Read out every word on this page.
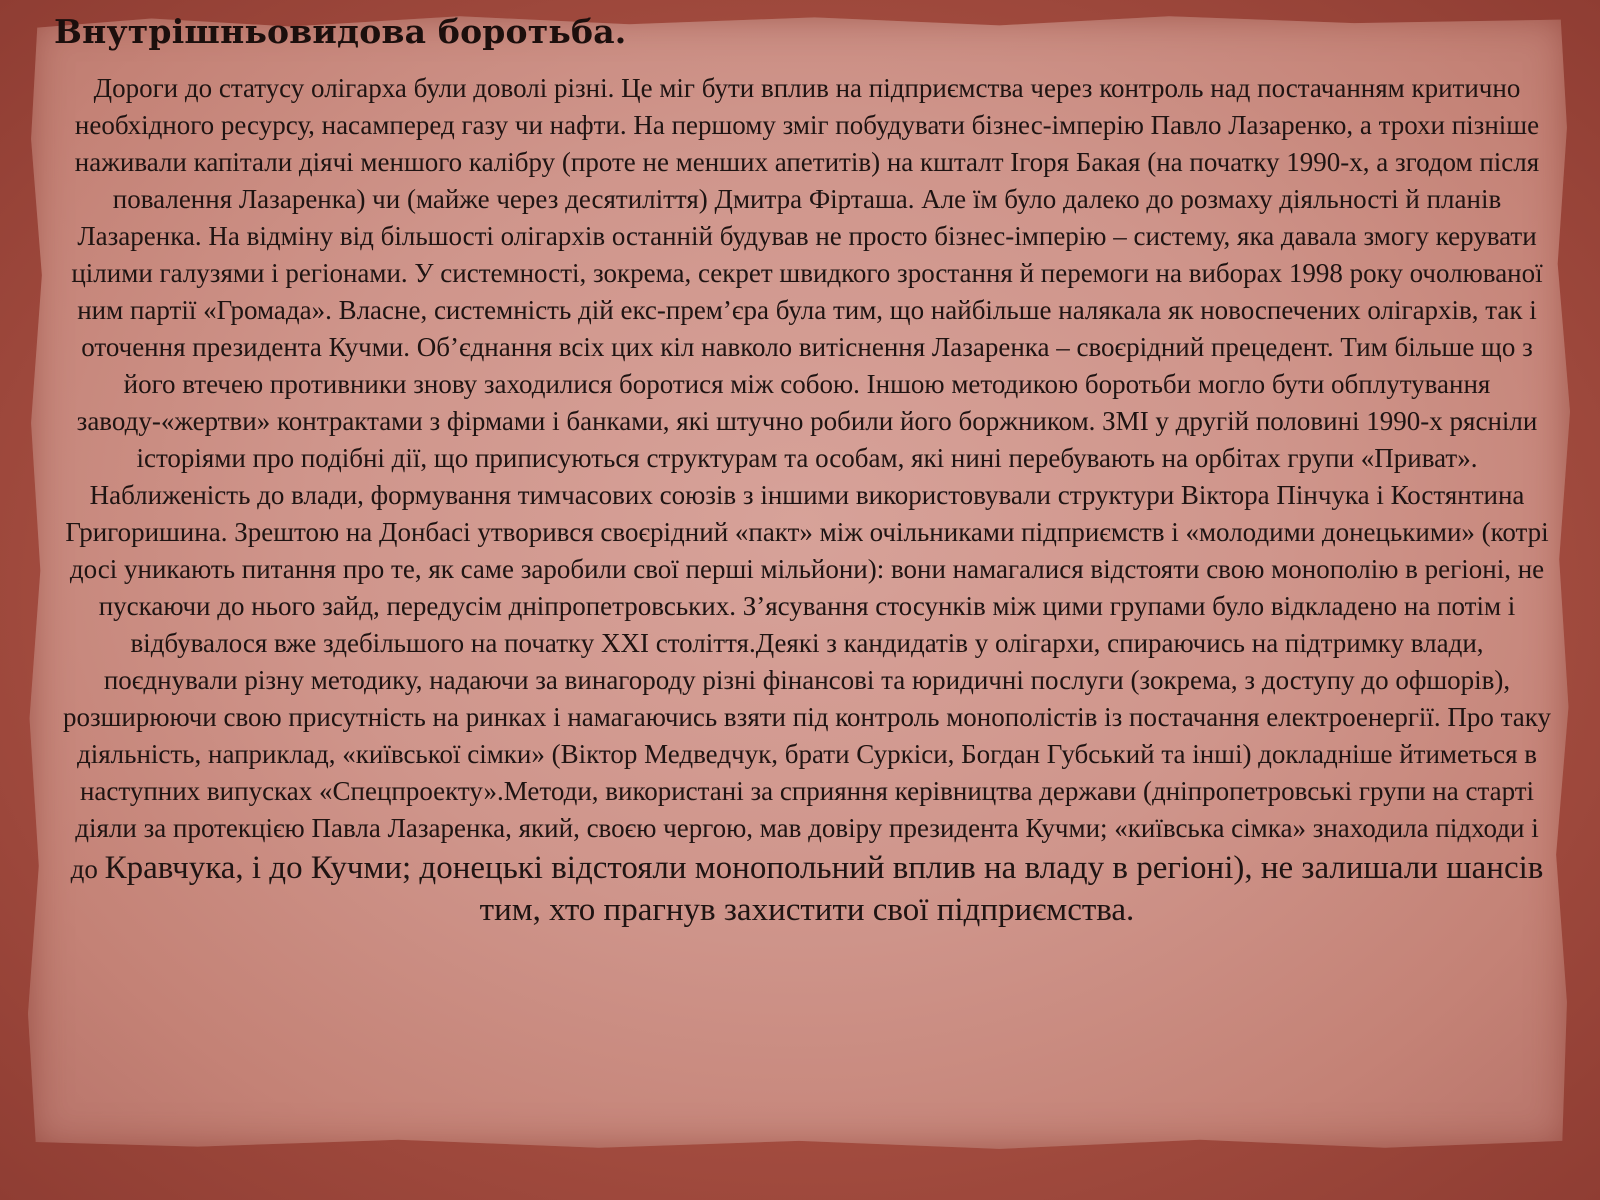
Внутрішньовидова боротьба.

Дороги до статусу олігарха були доволі різні. Це міг бути вплив на підприємства через контроль над постачанням критично необхідного ресурсу, насамперед газу чи нафти. На першому зміг побудувати бізнес-імперію Павло Лазаренко, а трохи пізніше наживали капітали діячі меншого калібру (проте не менших апетитів) на кшталт Ігоря Бакая (на початку 1990-х, а згодом після повалення Лазаренка) чи (майже через десятиліття) Дмитра Фірташа. Але їм було далеко до розмаху діяльності й планів Лазаренка. На відміну від більшості олігархів останній будував не просто бізнес-імперію – систему, яка давала змогу керувати цілими галузями і регіонами. У системності, зокрема, секрет швидкого зростання й перемоги на виборах 1998 року очолюваної ним партії «Громада». Власне, системність дій екс-прем’єра була тим, що найбільше налякала як новоспечених олігархів, так і оточення президента Кучми. Об’єднання всіх цих кіл навколо витіснення Лазаренка – своєрідний прецедент. Тим більше що з його втечею противники знову заходилися боротися між собою. Іншою методикою боротьби могло бути обплутування заводу-«жертви» контрактами з фірмами і банками, які штучно робили його боржником. ЗМІ у другій половині 1990-х рясніли історіями про подібні дії, що приписуються структурам та особам, які нині перебувають на орбітах групи «Приват». Наближеність до влади, формування тимчасових союзів з іншими використовували структури Віктора Пінчука і Костянтина Григоришина. Зрештою на Донбасі утворився своєрідний «пакт» між очільниками підприємств і «молодими донецькими» (котрі досі уникають питання про те, як саме заробили свої перші мільйони): вони намагалися відстояти свою монополію в регіоні, не пускаючи до нього зайд, передусім дніпропетровських. З’ясування стосунків між цими групами було відкладено на потім і відбувалося вже здебільшого на початку XXI століття.Деякі з кандидатів у олігархи, спираючись на підтримку влади, поєднували різну методику, надаючи за винагороду різні фінансові та юридичні послуги (зокрема, з доступу до офшорів), розширюючи свою присутність на ринках і намагаючись взяти під контроль монополістів із постачання електроенергії. Про таку діяльність, наприклад, «київської сімки» (Віктор Медведчук, брати Суркіси, Богдан Губський та інші) докладніше йтиметься в наступних випусках «Спецпроекту».Методи, використані за сприяння керівництва держави (дніпропетровські групи на старті діяли за протекцією Павла Лазаренка, який, своєю чергою, мав довіру президента Кучми; «київська сімка» знаходила підходи і до Кравчука, і до Кучми; донецькі відстояли монопольний вплив на владу в регіоні), не залишали шансів тим, хто прагнув захистити свої підприємства.
